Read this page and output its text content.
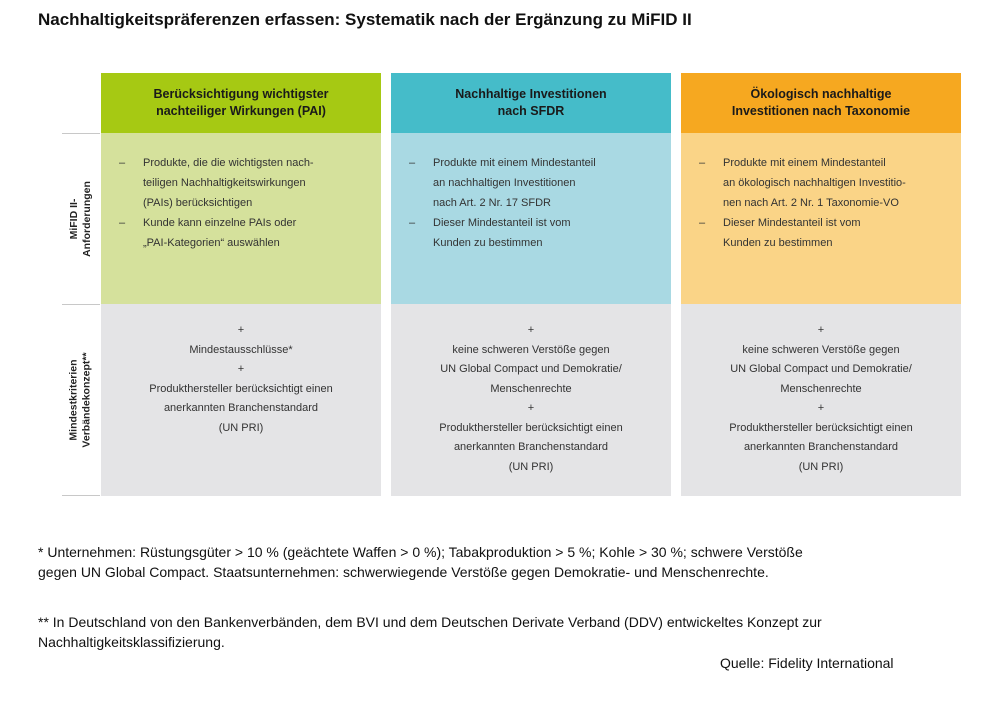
Nachhaltigkeitspräferenzen erfassen: Systematik nach der Ergänzung zu MiFID II
MiFID II-
Anforderungen
Mindestkriterien
Verbändekonzept**
Berücksichtigung wichtigster
nachteiliger Wirkungen (PAI)
– Produkte, die die wichtigsten nach-
teiligen Nachhaltigkeitswirkungen
(PAIs) berücksichtigen
– Kunde kann einzelne PAIs oder
„PAI-Kategorien“ auswählen
+
Mindestausschlüsse*
+
Produkthersteller berücksichtigt einen
anerkannten Branchenstandard
(UN PRI)
Nachhaltige Investitionen
nach SFDR
– Produkte mit einem Mindestanteil
an nachhaltigen Investitionen
nach Art. 2 Nr. 17 SFDR
– Dieser Mindestanteil ist vom
Kunden zu bestimmen
+
keine schweren Verstöße gegen
UN Global Compact und Demokratie/
Menschenrechte
+
Produkthersteller berücksichtigt einen
anerkannten Branchenstandard
(UN PRI)
Ökologisch nachhaltige
Investitionen nach Taxonomie
– Produkte mit einem Mindestanteil
an ökologisch nachhaltigen Investitio-
nen nach Art. 2 Nr. 1 Taxonomie-VO
– Dieser Mindestanteil ist vom
Kunden zu bestimmen
+
keine schweren Verstöße gegen
UN Global Compact und Demokratie/
Menschenrechte
+
Produkthersteller berücksichtigt einen
anerkannten Branchenstandard
(UN PRI)
* Unternehmen: Rüstungsgüter > 10 % (geächtete Waffen > 0 %); Tabakproduktion > 5 %; Kohle > 30 %; schwere Verstöße
gegen UN Global Compact. Staatsunternehmen: schwerwiegende Verstöße gegen Demokratie- und Menschenrechte.
** In Deutschland von den Bankenverbänden, dem BVI und dem Deutschen Derivate Verband (DDV) entwickeltes Konzept zur
Nachhaltigkeitsklassifizierung.
Quelle: Fidelity International
